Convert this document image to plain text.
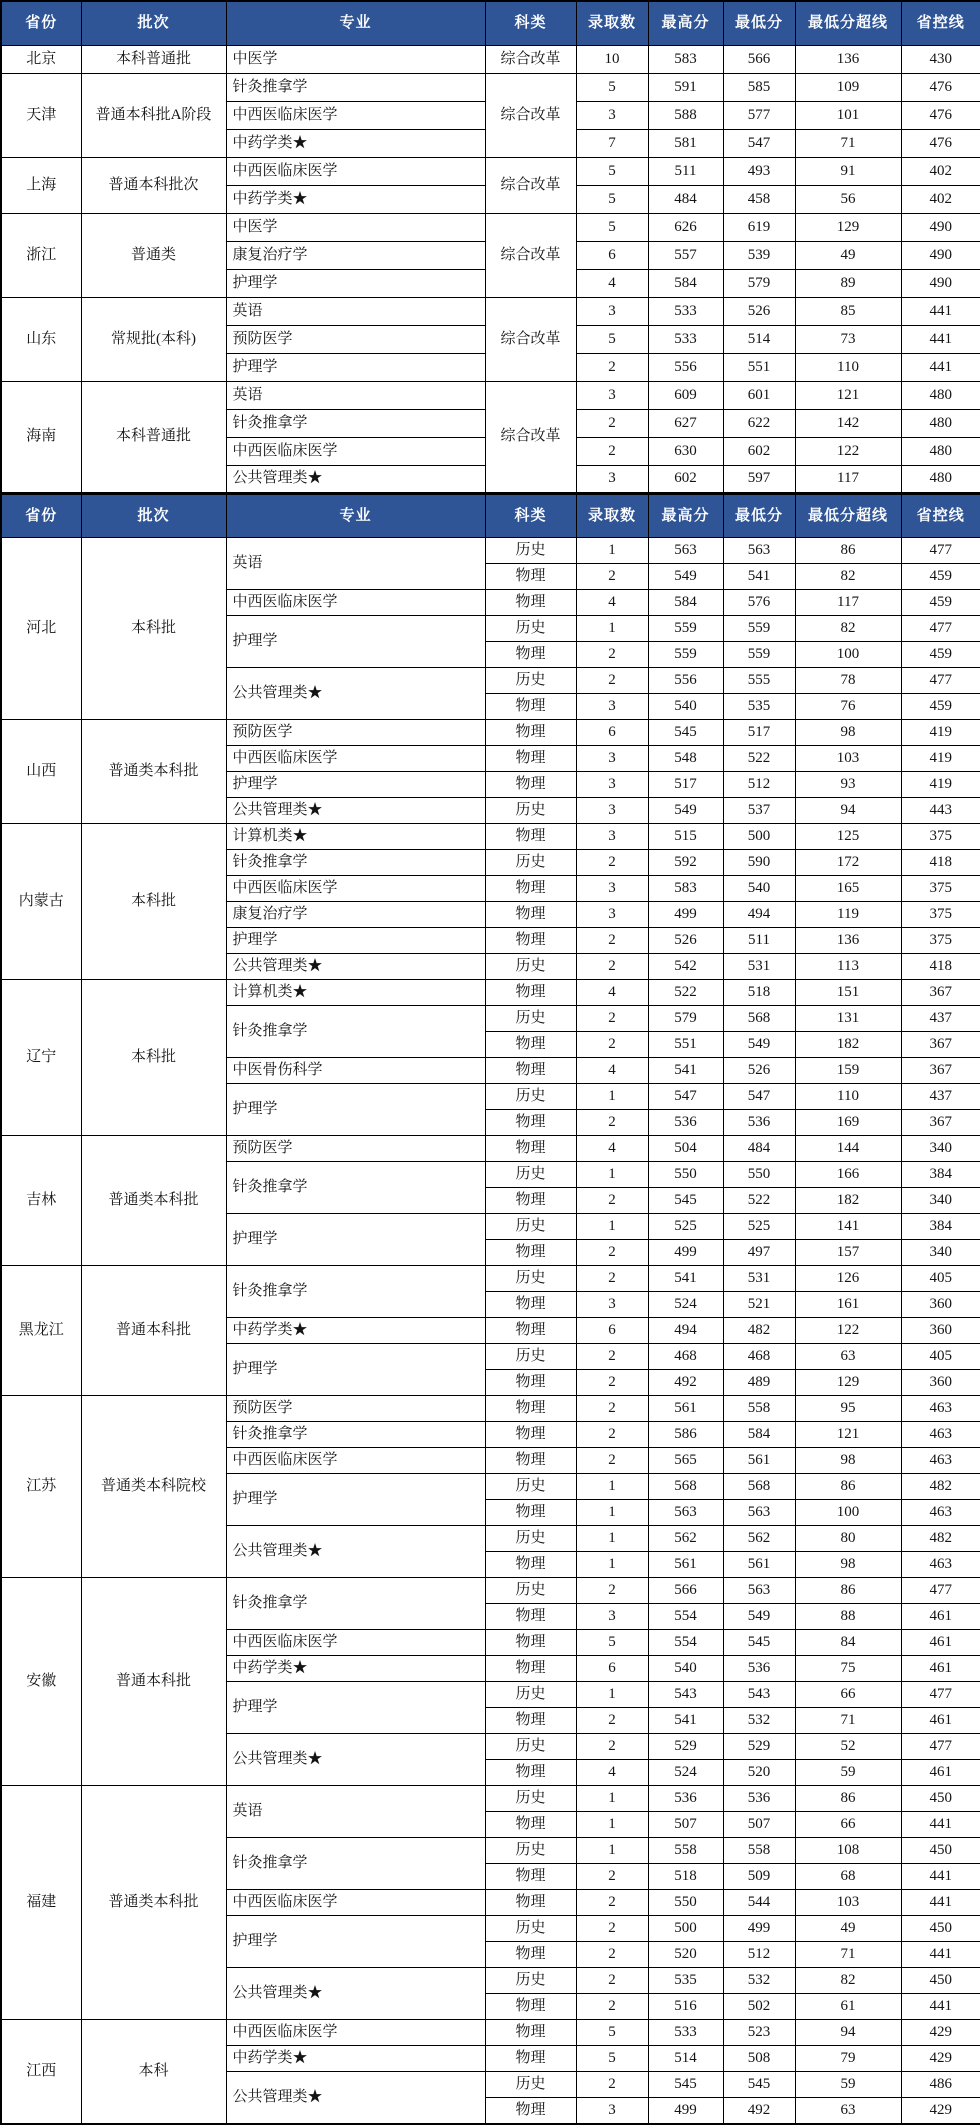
省份	批次	专业	科类	录取数	最高分	最低分	最低分超线	省控线
北京	本科普通批	中医学	综合改革	10	583	566	136	430
天津	普通本科批A阶段	针灸推拿学	综合改革	5	591	585	109	476
		中西医临床医学		3	588	577	101	476
		中药学类★		7	581	547	71	476
上海	普通本科批次	中西医临床医学	综合改革	5	511	493	91	402
		中药学类★		5	484	458	56	402
浙江	普通类	中医学	综合改革	5	626	619	129	490
		康复治疗学		6	557	539	49	490
		护理学		4	584	579	89	490
山东	常规批(本科)	英语	综合改革	3	533	526	85	441
		预防医学		5	533	514	73	441
		护理学		2	556	551	110	441
海南	本科普通批	英语	综合改革	3	609	601	121	480
		针灸推拿学		2	627	622	142	480
		中西医临床医学		2	630	602	122	480
		公共管理类★		3	602	597	117	480
省份	批次	专业	科类	录取数	最高分	最低分	最低分超线	省控线
河北	本科批	英语	历史	1	563	563	86	477
			物理	2	549	541	82	459
		中西医临床医学	物理	4	584	576	117	459
		护理学	历史	1	559	559	82	477
			物理	2	559	559	100	459
		公共管理类★	历史	2	556	555	78	477
			物理	3	540	535	76	459
山西	普通类本科批	预防医学	物理	6	545	517	98	419
		中西医临床医学	物理	3	548	522	103	419
		护理学	物理	3	517	512	93	419
		公共管理类★	历史	3	549	537	94	443
内蒙古	本科批	计算机类★	物理	3	515	500	125	375
		针灸推拿学	历史	2	592	590	172	418
		中西医临床医学	物理	3	583	540	165	375
		康复治疗学	物理	3	499	494	119	375
		护理学	物理	2	526	511	136	375
		公共管理类★	历史	2	542	531	113	418
辽宁	本科批	计算机类★	物理	4	522	518	151	367
		针灸推拿学	历史	2	579	568	131	437
			物理	2	551	549	182	367
		中医骨伤科学	物理	4	541	526	159	367
		护理学	历史	1	547	547	110	437
			物理	2	536	536	169	367
吉林	普通类本科批	预防医学	物理	4	504	484	144	340
		针灸推拿学	历史	1	550	550	166	384
			物理	2	545	522	182	340
		护理学	历史	1	525	525	141	384
			物理	2	499	497	157	340
黑龙江	普通本科批	针灸推拿学	历史	2	541	531	126	405
			物理	3	524	521	161	360
		中药学类★	物理	6	494	482	122	360
		护理学	历史	2	468	468	63	405
			物理	2	492	489	129	360
江苏	普通类本科院校	预防医学	物理	2	561	558	95	463
		针灸推拿学	物理	2	586	584	121	463
		中西医临床医学	物理	2	565	561	98	463
		护理学	历史	1	568	568	86	482
			物理	1	563	563	100	463
		公共管理类★	历史	1	562	562	80	482
			物理	1	561	561	98	463
安徽	普通本科批	针灸推拿学	历史	2	566	563	86	477
			物理	3	554	549	88	461
		中西医临床医学	物理	5	554	545	84	461
		中药学类★	物理	6	540	536	75	461
		护理学	历史	1	543	543	66	477
			物理	2	541	532	71	461
		公共管理类★	历史	2	529	529	52	477
			物理	4	524	520	59	461
福建	普通类本科批	英语	历史	1	536	536	86	450
			物理	1	507	507	66	441
		针灸推拿学	历史	1	558	558	108	450
			物理	2	518	509	68	441
		中西医临床医学	物理	2	550	544	103	441
		护理学	历史	2	500	499	49	450
			物理	2	520	512	71	441
		公共管理类★	历史	2	535	532	82	450
			物理	2	516	502	61	441
江西	本科	中西医临床医学	物理	5	533	523	94	429
		中药学类★	物理	5	514	508	79	429
		公共管理类★	历史	2	545	545	59	486
			物理	3	499	492	63	429
